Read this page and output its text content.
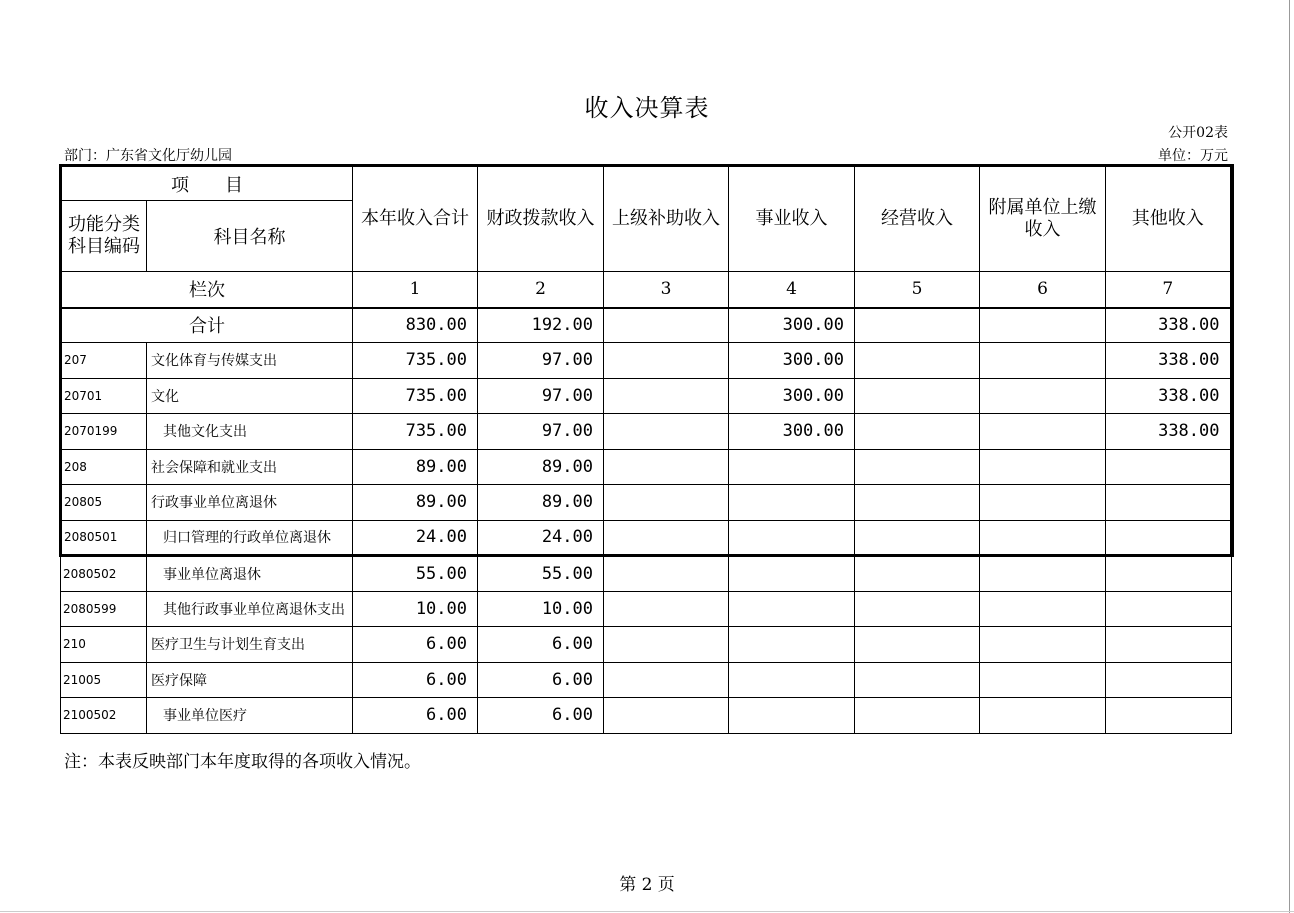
收入决算表
公开02表
部门：广东省文化厅幼儿园	单位：万元
项　　目		本年收入合计	财政拨款收入	上级补助收入	事业收入	经营收入	附属单位上缴收入	其他收入
功能分类科目编码	科目名称							
栏次		1	2	3	4	5	6	7
合计		830.00	192.00		300.00			338.00
207	文化体育与传媒支出	735.00	97.00		300.00			338.00
20701	文化	735.00	97.00		300.00			338.00
2070199	其他文化支出	735.00	97.00		300.00			338.00
208	社会保障和就业支出	89.00	89.00					
20805	行政事业单位离退休	89.00	89.00					
2080501	归口管理的行政单位离退休	24.00	24.00					
2080502	事业单位离退休	55.00	55.00					
2080599	其他行政事业单位离退休支出	10.00	10.00					
210	医疗卫生与计划生育支出	6.00	6.00					
21005	医疗保障	6.00	6.00					
2100502	事业单位医疗	6.00	6.00					
注：本表反映部门本年度取得的各项收入情况。
第 2 页
